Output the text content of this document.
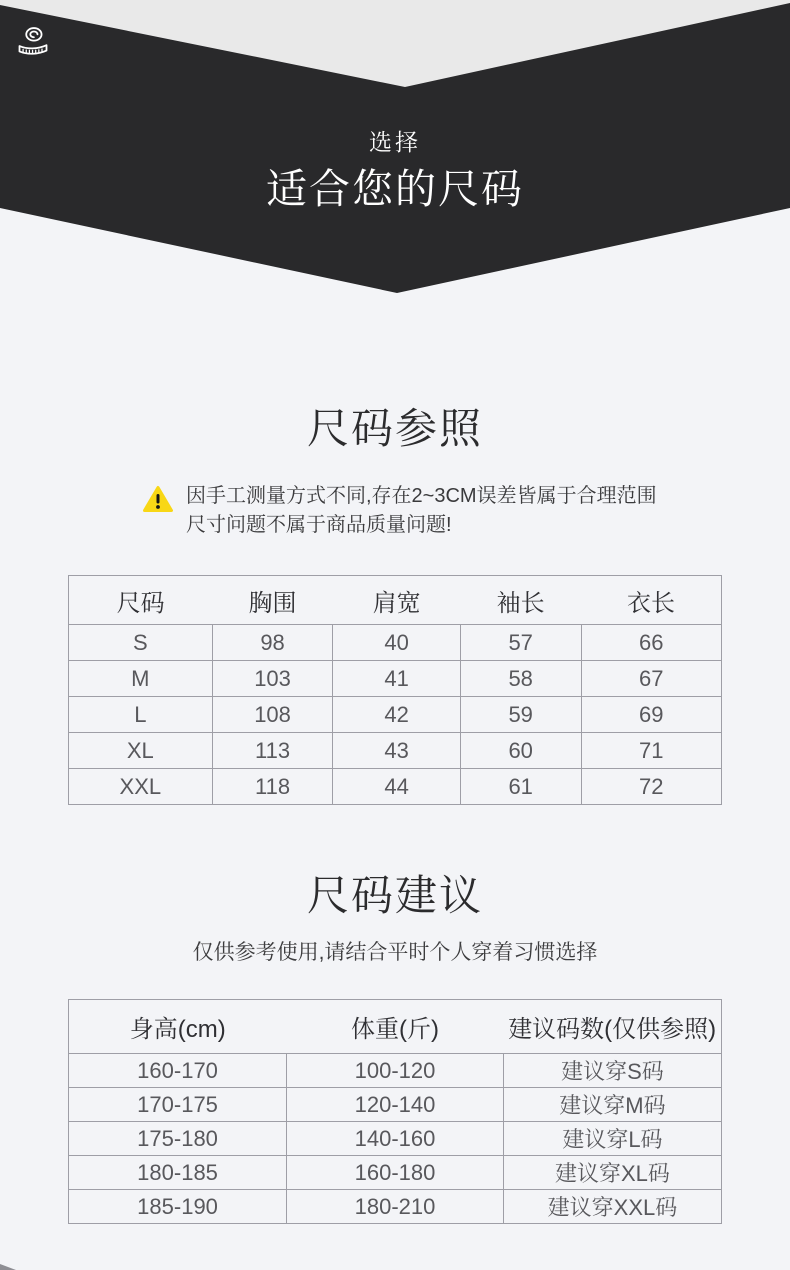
选择
适合您的尺码
尺码参照
因手工测量方式不同,存在2~3CM误差皆属于合理范围
尺寸问题不属于商品质量问题!
尺码	胸围	肩宽	袖长	衣长
S	98	40	57	66
M	103	41	58	67
L	108	42	59	69
XL	113	43	60	71
XXL	118	44	61	72
尺码建议

仅供参考使用,请结合平时个人穿着习惯选择

身高(cm)	体重(斤)	建议码数(仅供参照)
160-170	100-120	建议穿S码
170-175	120-140	建议穿M码
175-180	140-160	建议穿L码
180-185	160-180	建议穿XL码
185-190	180-210	建议穿XXL码
